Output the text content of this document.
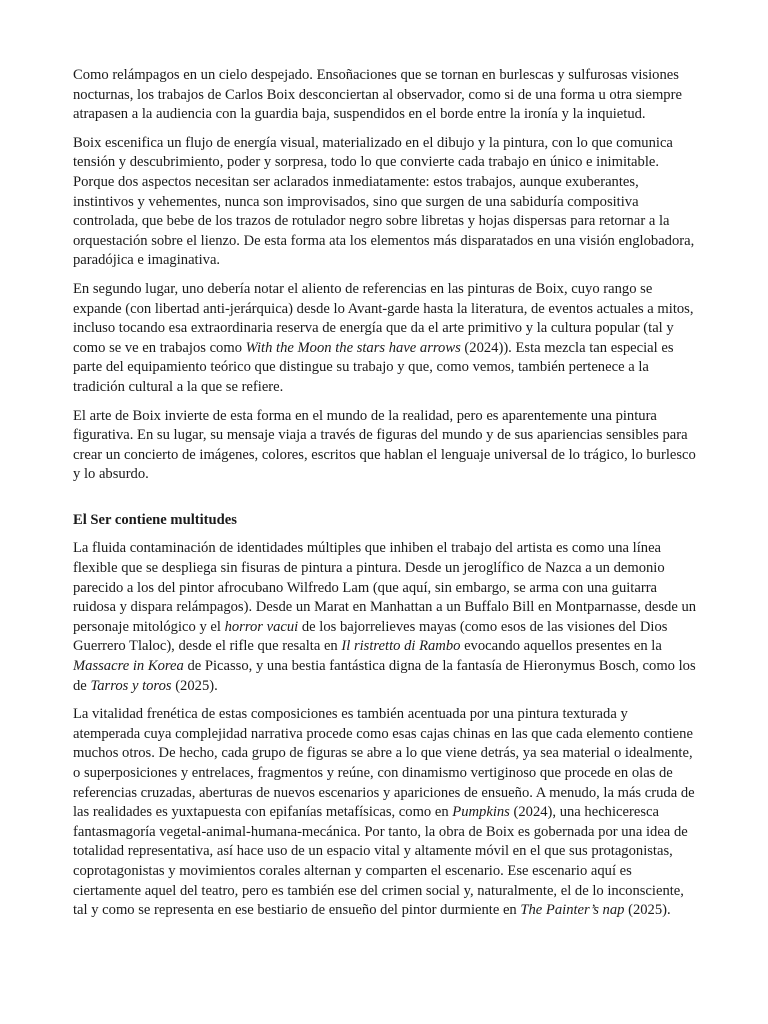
Como relámpagos en un cielo despejado. Ensoñaciones que se tornan en burlescas y sulfurosas visiones nocturnas, los trabajos de Carlos Boix desconciertan al observador, como si de una forma u otra siempre atrapasen a la audiencia con la guardia baja, suspendidos en el borde entre la ironía y la inquietud.

Boix escenifica un flujo de energía visual, materializado en el dibujo y la pintura, con lo que comunica tensión y descubrimiento, poder y sorpresa, todo lo que convierte cada trabajo en único e inimitable. Porque dos aspectos necesitan ser aclarados inmediatamente: estos trabajos, aunque exuberantes, instintivos y vehementes, nunca son improvisados, sino que surgen de una sabiduría compositiva controlada, que bebe de los trazos de rotulador negro sobre libretas y hojas dispersas para retornar a la orquestación sobre el lienzo. De esta forma ata los elementos más disparatados en una visión englobadora, paradójica e imaginativa.

En segundo lugar, uno debería notar el aliento de referencias en las pinturas de Boix, cuyo rango se expande (con libertad anti-jerárquica) desde lo Avant-garde hasta la literatura, de eventos actuales a mitos, incluso tocando esa extraordinaria reserva de energía que da el arte primitivo y la cultura popular (tal y como se ve en trabajos como With the Moon the stars have arrows (2024)). Esta mezcla tan especial es parte del equipamiento teórico que distingue su trabajo y que, como vemos, también pertenece a la tradición cultural a la que se refiere.

El arte de Boix invierte de esta forma en el mundo de la realidad, pero es aparentemente una pintura figurativa. En su lugar, su mensaje viaja a través de figuras del mundo y de sus apariencias sensibles para crear un concierto de imágenes, colores, escritos que hablan el lenguaje universal de lo trágico, lo burlesco y lo absurdo.

El Ser contiene multitudes

La fluida contaminación de identidades múltiples que inhiben el trabajo del artista es como una línea flexible que se despliega sin fisuras de pintura a pintura. Desde un jeroglífico de Nazca a un demonio parecido a los del pintor afrocubano Wilfredo Lam (que aquí, sin embargo, se arma con una guitarra ruidosa y dispara relámpagos). Desde un Marat en Manhattan a un Buffalo Bill en Montparnasse, desde un personaje mitológico y el horror vacui de los bajorrelieves mayas (como esos de las visiones del Dios Guerrero Tlaloc), desde el rifle que resalta en Il ristretto di Rambo evocando aquellos presentes en la Massacre in Korea de Picasso, y una bestia fantástica digna de la fantasía de Hieronymus Bosch, como los de Tarros y toros (2025).

La vitalidad frenética de estas composiciones es también acentuada por una pintura texturada y atemperada cuya complejidad narrativa procede como esas cajas chinas en las que cada elemento contiene muchos otros. De hecho, cada grupo de figuras se abre a lo que viene detrás, ya sea material o idealmente, o superposiciones y entrelaces, fragmentos y reúne, con dinamismo vertiginoso que procede en olas de referencias cruzadas, aberturas de nuevos escenarios y apariciones de ensueño. A menudo, la más cruda de las realidades es yuxtapuesta con epifanías metafísicas, como en Pumpkins (2024), una hechiceresca fantasmagoría vegetal-animal-humana-mecánica. Por tanto, la obra de Boix es gobernada por una idea de totalidad representativa, así hace uso de un espacio vital y altamente móvil en el que sus protagonistas, coprotagonistas y movimientos corales alternan y comparten el escenario. Ese escenario aquí es ciertamente aquel del teatro, pero es también ese del crimen social y, naturalmente, el de lo inconsciente, tal y como se representa en ese bestiario de ensueño del pintor durmiente en The Painter’s nap (2025).
